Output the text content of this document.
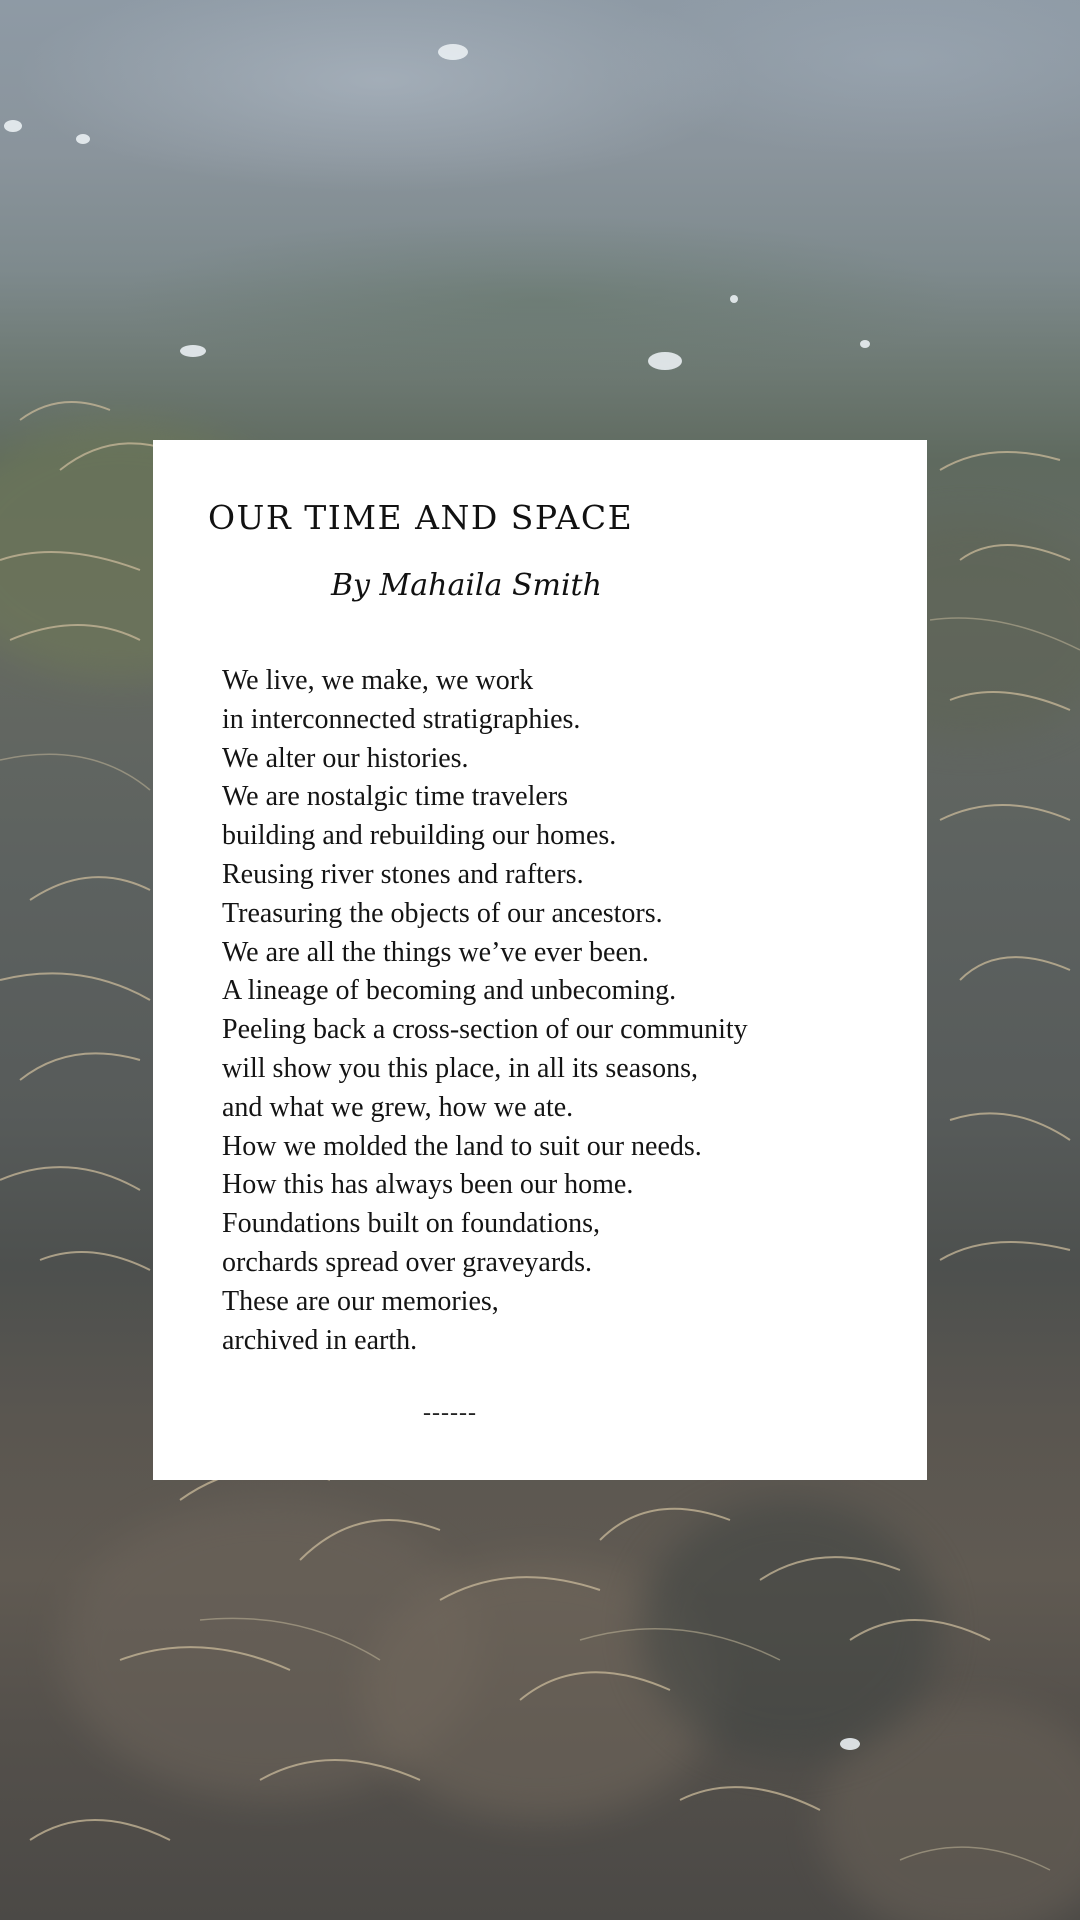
OUR TIME AND SPACE

By Mahaila Smith

We live, we make, we work
in interconnected stratigraphies.
We alter our histories.
We are nostalgic time travelers
building and rebuilding our homes.
Reusing river stones and rafters.
Treasuring the objects of our ancestors.
We are all the things we’ve ever been.
A lineage of becoming and unbecoming.
Peeling back a cross-section of our community
will show you this place, in all its seasons,
and what we grew, how we ate.
How we molded the land to suit our needs.
How this has always been our home.
Foundations built on foundations,
orchards spread over graveyards.
These are our memories,
archived in earth.

------
